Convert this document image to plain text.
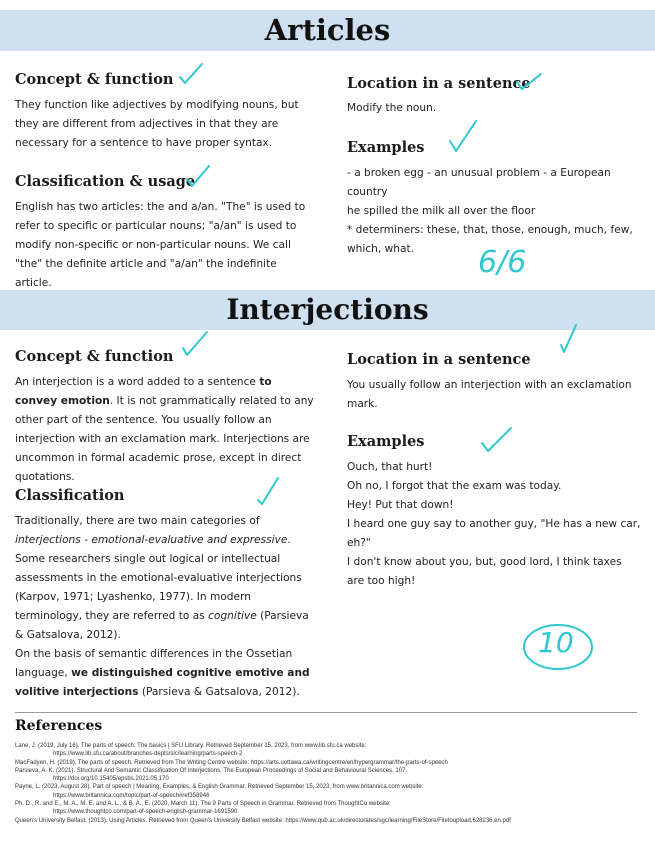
Articles
Concept & function
They function like adjectives by modifying nouns, but they are different from adjectives in that they are necessary for a sentence to have proper syntax.
Classification & usage
English has two articles: the and a/an. "The" is used to refer to specific or particular nouns; "a/an" is used to modify non-specific or non-particular nouns. We call "the" the definite article and "a/an" the indefinite article.
Location in a sentence
Modify the noun.
Examples
- a broken egg - an unusual problem - a European country
he spilled the milk all over the floor
* determiners: these, that, those, enough, much, few, which, what.	6/6
Interjections
Concept & function
An interjection is a word added to a sentence to convey emotion. It is not grammatically related to any other part of the sentence. You usually follow an interjection with an exclamation mark. Interjections are uncommon in formal academic prose, except in direct quotations.
Classification
Traditionally, there are two main categories of interjections - emotional-evaluative and expressive. Some researchers single out logical or intellectual assessments in the emotional-evaluative interjections (Karpov, 1971; Lyashenko, 1977). In modern terminology, they are referred to as cognitive (Parsieva & Gatsalova, 2012).
On the basis of semantic differences in the Ossetian language, we distinguished cognitive emotive and volitive interjections (Parsieva & Gatsalova, 2012).
Location in a sentence
You usually follow an interjection with an exclamation mark.
Examples
Ouch, that hurt!
Oh no, I forgot that the exam was today.
Hey! Put that down!
I heard one guy say to another guy, "He has a new car, eh?"
I don't know about you, but, good lord, I think taxes are too high!
10
References
Lane, J. (2019, July 16). The parts of speech: The basics | SFU Library. Retrieved September 15, 2023, from www.lib.sfu.ca website:
https://www.lib.sfu.ca/about/branches-depts/slc/learning/parts-speech-2
MacFadyen, H. (2019). The parts of speech. Retrieved from The Writing Centre website: https://arts.uottawa.ca/writingcentre/en/hypergrammar/the-parts-of-speech
Parsieva, A. K. (2021). Structural And Semantic Classification Of Interjections. The European Proceedings of Social and Behavioural Sciences, 107.
https://doi.org/10.15405/epsbs.2021.05.170
Payne, L. (2023, August 28). Part of speech | Meaning, Examples, & English Grammar. Retrieved September 15, 2023, from www.britannica.com website:
https://www.britannica.com/topic/part-of-speech#ref358946
Ph. D., R. and E., M. A., M. E. and A. L., & B. A., E. (2020, March 11). The 9 Parts of Speech in Grammar. Retrieved from ThoughtCo website:
https://www.thoughtco.com/part-of-speech-english-grammar-1691590
Queen's University Belfast. (2013). Using Articles. Retrieved from Queen's University Belfast website: https://www.qub.ac.uk/directorates/sgc/learning/FileStore/Filetoupload,628236,en.pdf
